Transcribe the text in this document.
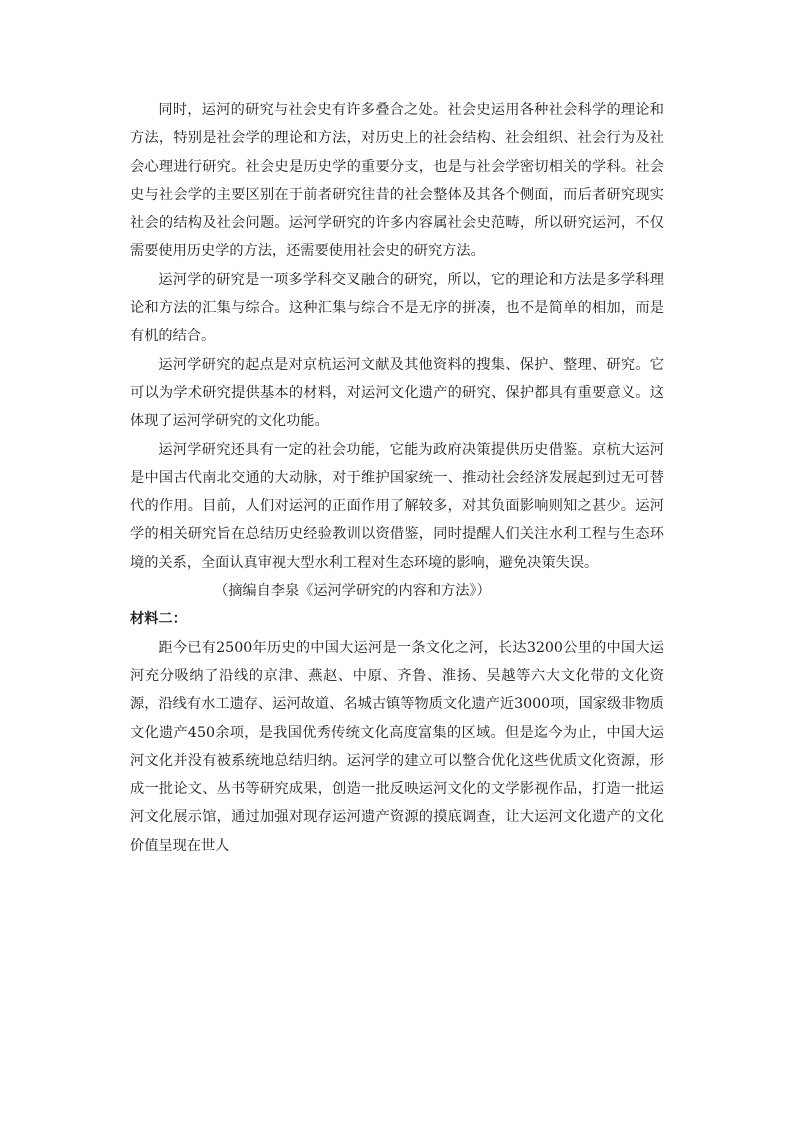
同时，运河的研究与社会史有许多叠合之处。社会史运用各种社会科学的理论和方法，特别是社会学的理论和方法，对历史上的社会结构、社会组织、社会行为及社会心理进行研究。社会史是历史学的重要分支，也是与社会学密切相关的学科。社会史与社会学的主要区别在于前者研究往昔的社会整体及其各个侧面，而后者研究现实社会的结构及社会问题。运河学研究的许多内容属社会史范畴，所以研究运河，不仅需要使用历史学的方法，还需要使用社会史的研究方法。

运河学的研究是一项多学科交叉融合的研究，所以，它的理论和方法是多学科理论和方法的汇集与综合。这种汇集与综合不是无序的拼凑，也不是简单的相加，而是有机的结合。

运河学研究的起点是对京杭运河文献及其他资料的搜集、保护、整理、研究。它可以为学术研究提供基本的材料，对运河文化遗产的研究、保护都具有重要意义。这体现了运河学研究的文化功能。

运河学研究还具有一定的社会功能，它能为政府决策提供历史借鉴。京杭大运河是中国古代南北交通的大动脉，对于维护国家统一、推动社会经济发展起到过无可替代的作用。目前，人们对运河的正面作用了解较多，对其负面影响则知之甚少。运河学的相关研究旨在总结历史经验教训以资借鉴，同时提醒人们关注水利工程与生态环境的关系，全面认真审视大型水利工程对生态环境的影响，避免决策失误。

（摘编自李泉《运河学研究的内容和方法》）

材料二：

距今已有2500年历史的中国大运河是一条文化之河，长达3200公里的中国大运河充分吸纳了沿线的京津、燕赵、中原、齐鲁、淮扬、吴越等六大文化带的文化资源，沿线有水工遗存、运河故道、名城古镇等物质文化遗产近3000项，国家级非物质文化遗产450余项，是我国优秀传统文化高度富集的区域。但是迄今为止，中国大运河文化并没有被系统地总结归纳。运河学的建立可以整合优化这些优质文化资源，形成一批论文、丛书等研究成果，创造一批反映运河文化的文学影视作品，打造一批运河文化展示馆，通过加强对现存运河遗产资源的摸底调查，让大运河文化遗产的文化价值呈现在世人
